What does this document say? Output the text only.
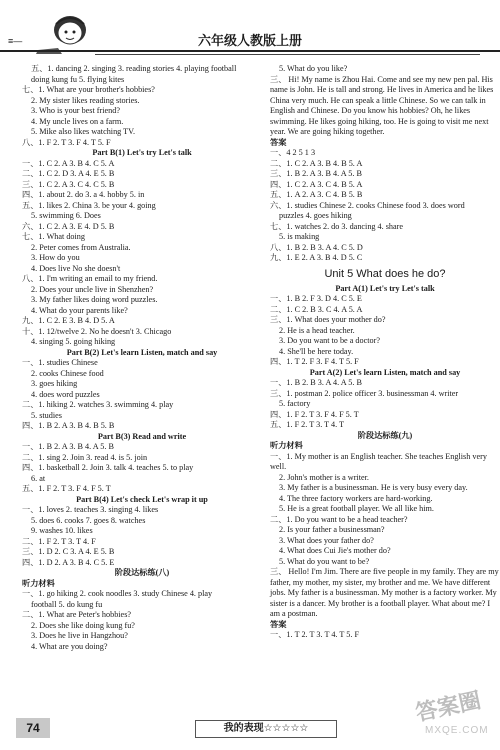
≡—	六年级人教版上册
五、1. dancing 2. singing 3. reading stories 4. playing football
doing kung fu 5. flying kites
七、1. What are your brother's hobbies?
2. My sister likes reading stories.
3. Who is your best friend?
4. My uncle lives on a farm.
5. Mike also likes watching TV.
八、1. F 2. T 3. F 4. T 5. F
Part B(1) Let's try Let's talk
一、1. C 2. A 3. B 4. C 5. A
二、1. C 2. D 3. A 4. E 5. B
三、1. C 2. A 3. C 4. C 5. B
四、1. about 2. do 3. a 4. hobby 5. in
五、1. likes 2. China 3. be your 4. going
5. swimming 6. Does
六、1. C 2. A 3. E 4. D 5. B
七、1. What doing
2. Peter comes from Australia.
3. How do you
4. Does live No she doesn't
八、1. I'm writing an email to my friend.
2. Does your uncle live in Shenzhen?
3. My father likes doing word puzzles.
4. What do your parents like?
九、1. C 2. E 3. B 4. D 5. A
十、1. 12/twelve 2. No he doesn't 3. Chicago
4. singing 5. going hiking
Part B(2) Let's learn Listen, match and say
一、1. studies Chinese
2. cooks Chinese food
3. goes hiking
4. does word puzzles
二、1. hiking 2. watches 3. swimming 4. play
5. studies
四、1. B 2. A 3. B 4. B 5. B
Part B(3) Read and write
一、1. B 2. A 3. B 4. A 5. B
二、1. sing 2. Join 3. read 4. is 5. join
四、1. basketball 2. Join 3. talk 4. teaches 5. to play
6. at
五、1. F 2. T 3. F 4. F 5. T
Part B(4) Let's check Let's wrap it up
一、1. loves 2. teaches 3. singing 4. likes
5. does 6. cooks 7. goes 8. watches
9. washes 10. likes
二、1. F 2. T 3. T 4. F
三、1. D 2. C 3. A 4. E 5. B
四、1. D 2. A 3. B 4. C 5. E
阶段达标练(八)
听力材料
一、1. go hiking 2. cook noodles 3. study Chinese 4. play
football 5. do kung fu
二、1. What are Peter's hobbies?
2. Does she like doing kung fu?
3. Does he live in Hangzhou?
4. What are you doing?
5. What do you like?
三、 Hi! My name is Zhou Hai. Come and see my new pen pal. His name is John. He is tall and strong. He lives in America and he likes China very much. He can speak a little Chinese. So we can talk in English and Chinese. Do you know his hobbies? Oh, he likes swimming. He likes going hiking, too. He is going to visit me next year. We are going hiking together.
答案
一、4 2 5 1 3
二、1. C 2. A 3. B 4. B 5. A
三、1. B 2. A 3. B 4. A 5. B
四、1. C 2. A 3. C 4. B 5. A
五、1. A 2. A 3. C 4. B 5. B
六、1. studies Chinese 2. cooks Chinese food 3. does word
puzzles 4. goes hiking
七、1. watches 2. do 3. dancing 4. share
5. is making
八、1. B 2. B 3. A 4. C 5. D
九、1. E 2. A 3. B 4. D 5. C
Unit 5 What does he do?
Part A(1) Let's try Let's talk
一、1. B 2. F 3. D 4. C 5. E
二、1. C 2. B 3. C 4. A 5. A
三、1. What does your mother do?
2. He is a head teacher.
3. Do you want to be a doctor?
4. She'll be here today.
四、1. T 2. F 3. F 4. T 5. F
Part A(2) Let's learn Listen, match and say
一、1. B 2. B 3. A 4. A 5. B
三、1. postman 2. police officer 3. businessman 4. writer
5. factory
四、1. F 2. T 3. F 4. F 5. T
五、1. F 2. T 3. T 4. T
阶段达标练(九)
听力材料
一、1. My mother is an English teacher. She teaches English very well.
2. John's mother is a writer.
3. My father is a businessman. He is very busy every day.
4. The three factory workers are hard-working.
5. He is a great football player. We all like him.
二、1. Do you want to be a head teacher?
2. Is your father a businessman?
3. What does your father do?
4. What does Cui Jie's mother do?
5. What do you want to be?
三、 Hello! I'm Jim. There are five people in my family. They are my father, my mother, my sister, my brother and me. We have different jobs. My father is a businessman. My mother is a factory worker. My sister is a dancer. My brother is a football player. What about me? I am a postman.
答案
一、1. T 2. T 3. T 4. T 5. F
答案圈
MXQE.COM
74	我的表现☆☆☆☆☆
